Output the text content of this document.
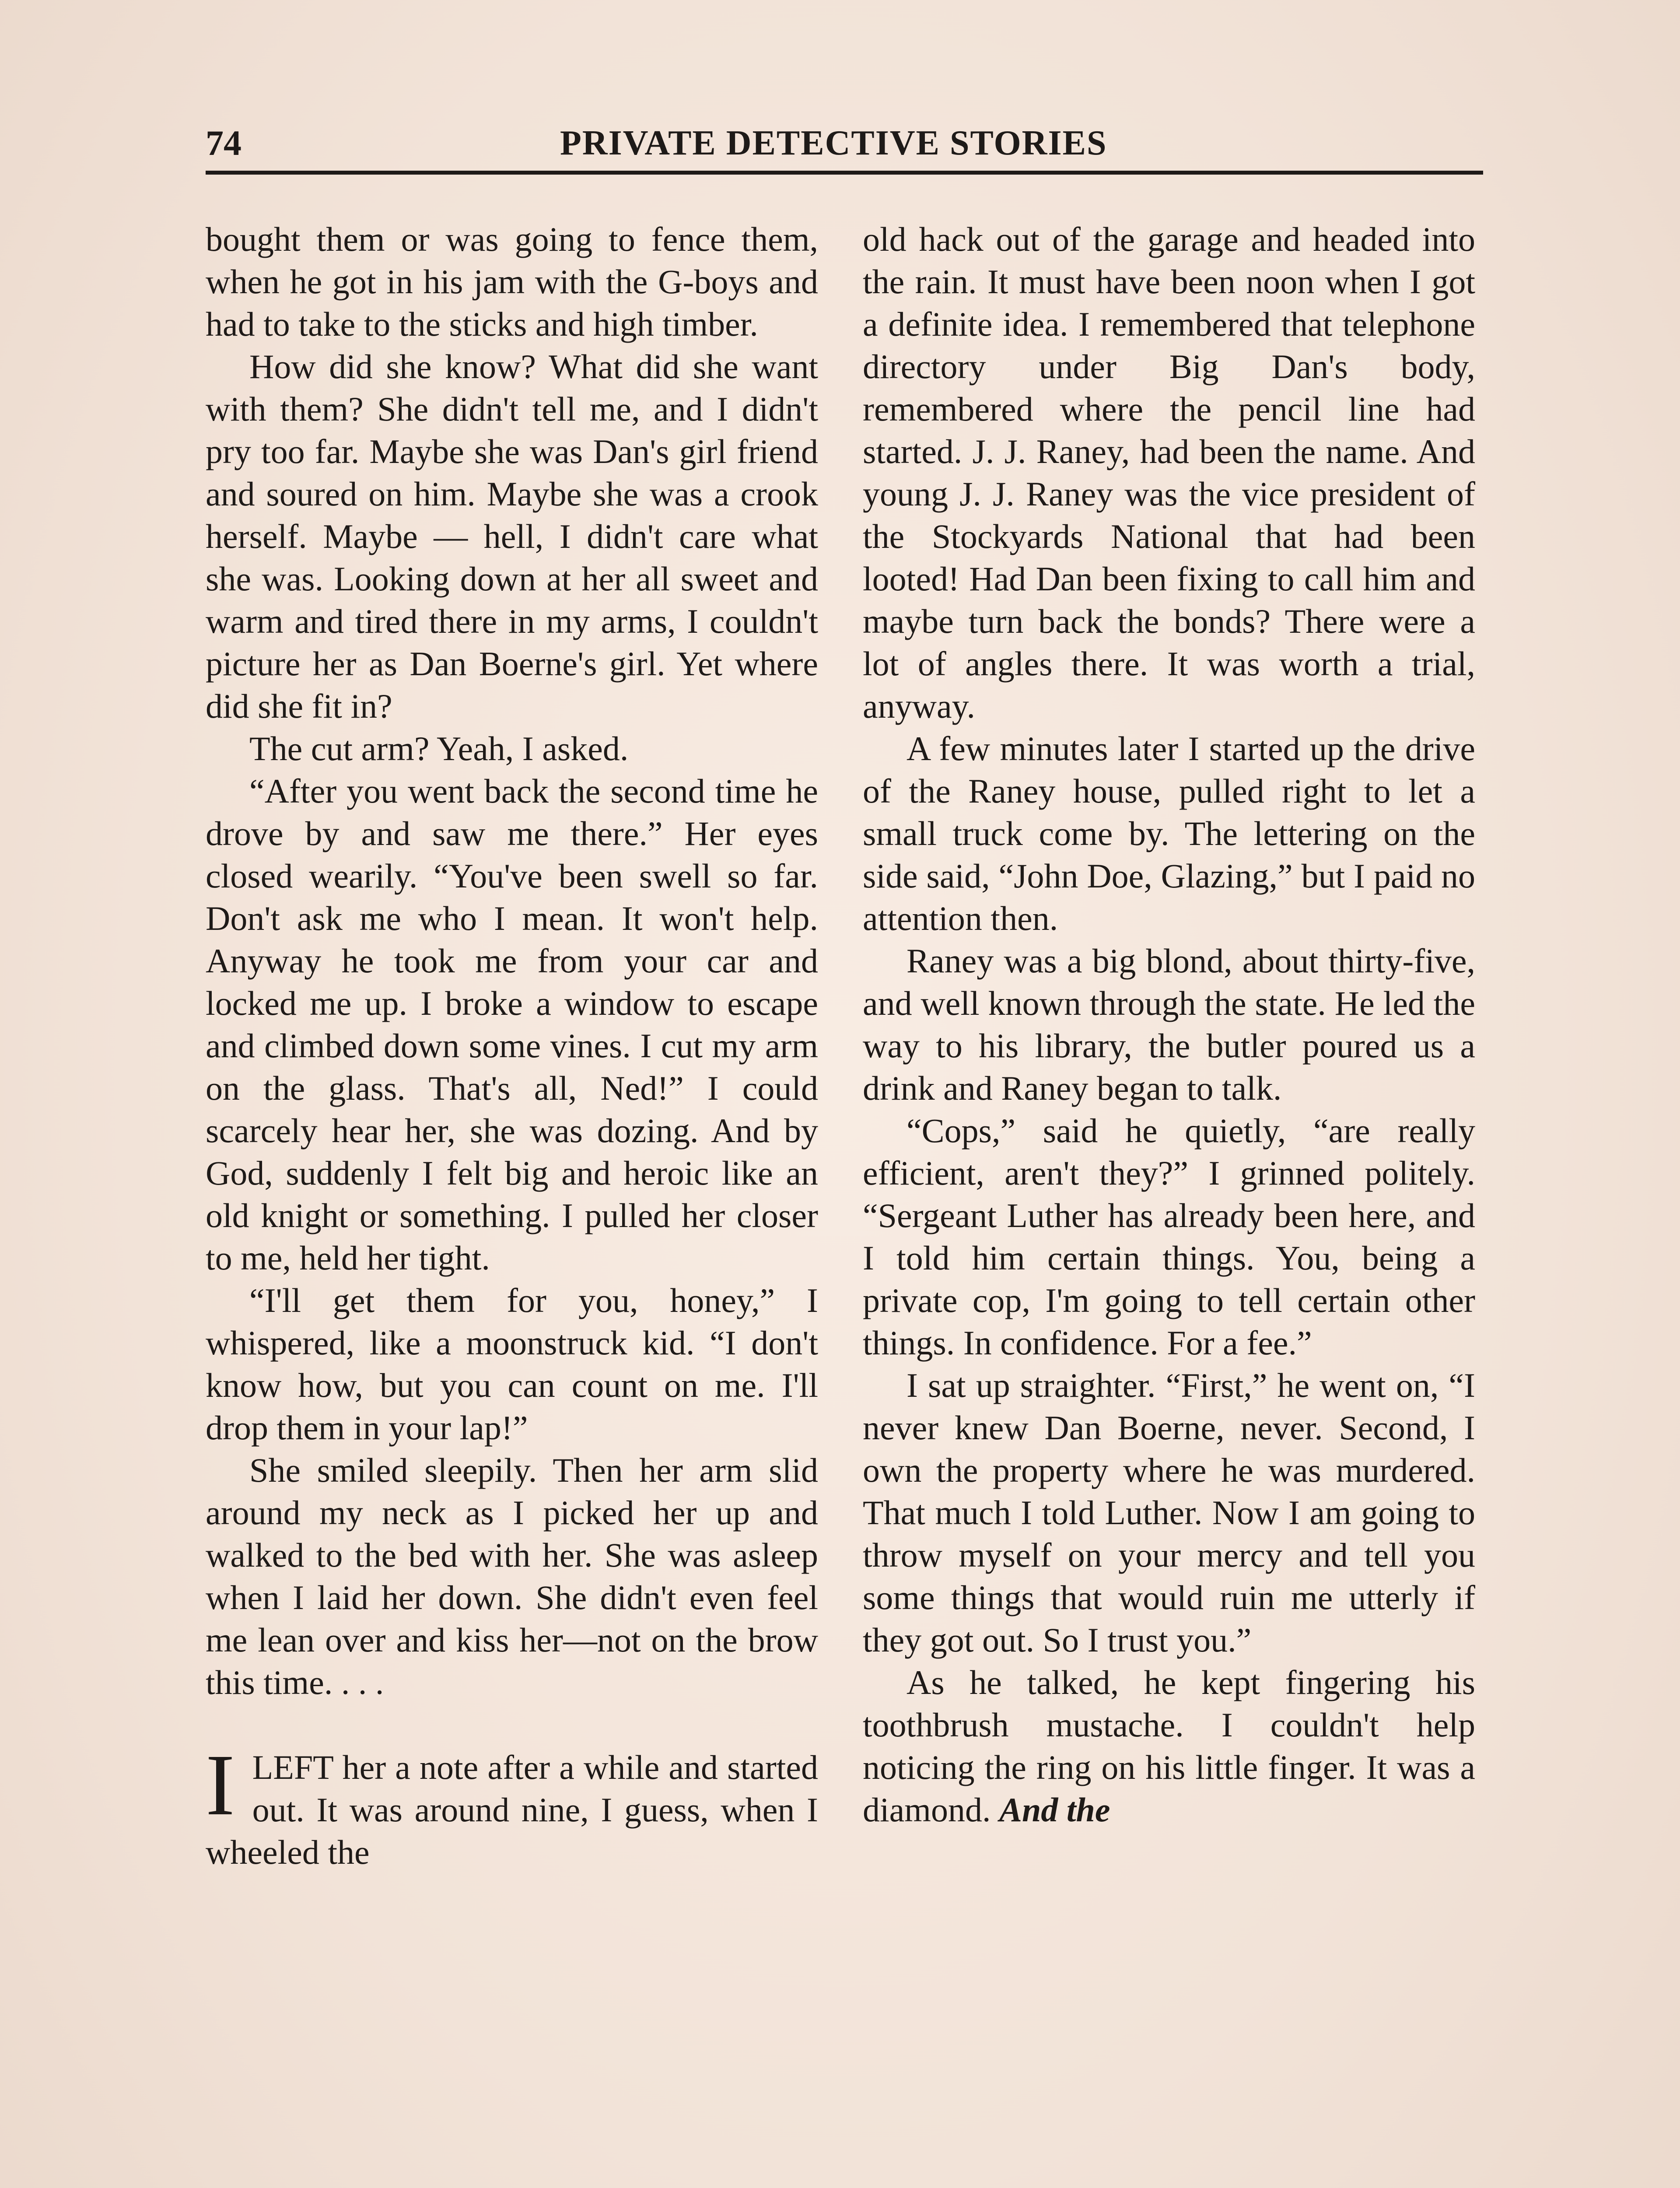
74	PRIVATE DETECTIVE STORIES

bought them or was going to fence them, when he got in his jam with the G-boys and had to take to the sticks and high timber.

How did she know? What did she want with them? She didn't tell me, and I didn't pry too far. Maybe she was Dan's girl friend and soured on him. Maybe she was a crook herself. Maybe — hell, I didn't care what she was. Looking down at her all sweet and warm and tired there in my arms, I couldn't picture her as Dan Boerne's girl. Yet where did she fit in?

The cut arm? Yeah, I asked.

“After you went back the second time he drove by and saw me there.” Her eyes closed wearily. “You've been swell so far. Don't ask me who I mean. It won't help. Anyway he took me from your car and locked me up. I broke a window to escape and climbed down some vines. I cut my arm on the glass. That's all, Ned!” I could scarcely hear her, she was dozing. And by God, suddenly I felt big and heroic like an old knight or something. I pulled her closer to me, held her tight.

“I'll get them for you, honey,” I whispered, like a moonstruck kid. “I don't know how, but you can count on me. I'll drop them in your lap!”

She smiled sleepily. Then her arm slid around my neck as I picked her up and walked to the bed with her. She was asleep when I laid her down. She didn't even feel me lean over and kiss her—not on the brow this time. . . .

ILEFT her a note after a while and started out. It was around nine, I guess, when I wheeled the

old hack out of the garage and headed into the rain. It must have been noon when I got a definite idea. I remembered that telephone directory under Big Dan's body, remembered where the pencil line had started. J. J. Raney, had been the name. And young J. J. Raney was the vice president of the Stockyards National that had been looted! Had Dan been fixing to call him and maybe turn back the bonds? There were a lot of angles there. It was worth a trial, anyway.

A few minutes later I started up the drive of the Raney house, pulled right to let a small truck come by. The lettering on the side said, “John Doe, Glazing,” but I paid no attention then.

Raney was a big blond, about thirty-five, and well known through the state. He led the way to his library, the butler poured us a drink and Raney began to talk.

“Cops,” said he quietly, “are really efficient, aren't they?” I grinned politely. “Sergeant Luther has already been here, and I told him certain things. You, being a private cop, I'm going to tell certain other things. In confidence. For a fee.”

I sat up straighter. “First,” he went on, “I never knew Dan Boerne, never. Second, I own the property where he was murdered. That much I told Luther. Now I am going to throw myself on your mercy and tell you some things that would ruin me utterly if they got out. So I trust you.”

As he talked, he kept fingering his toothbrush mustache. I couldn't help noticing the ring on his little finger. It was a diamond. And the
